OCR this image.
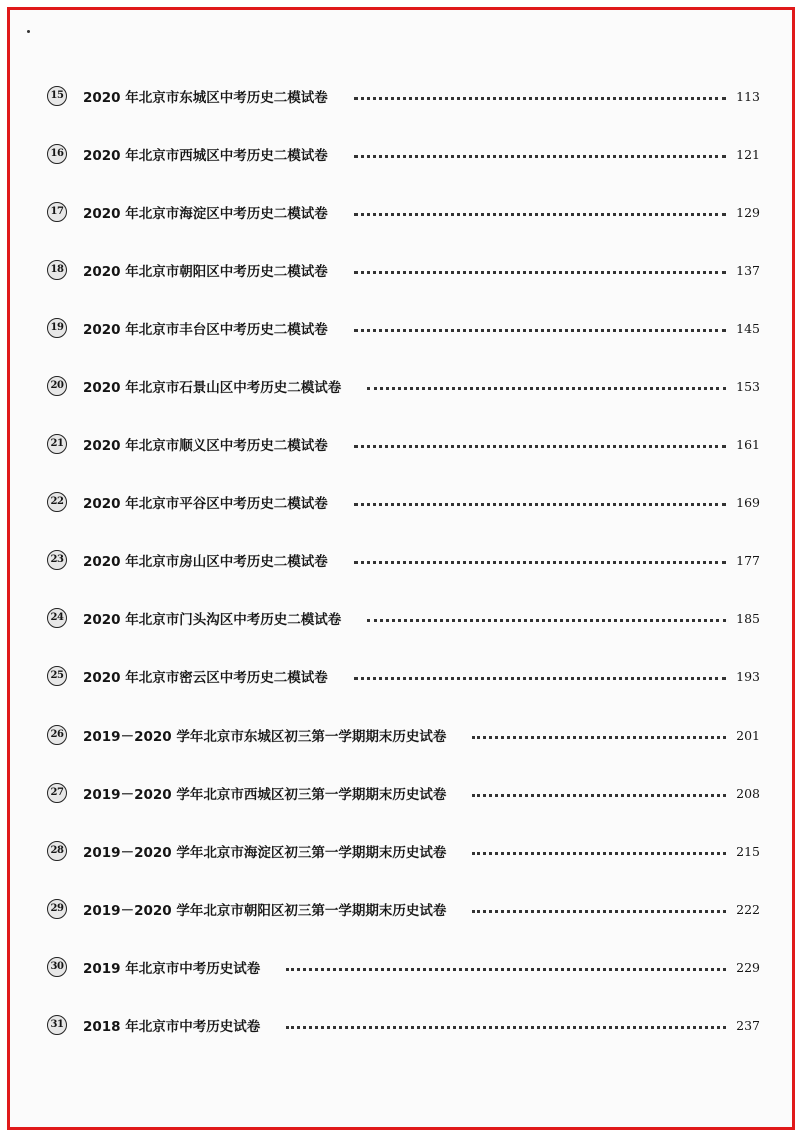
15 2020 年北京市东城区中考历史二模试卷	113
16 2020 年北京市西城区中考历史二模试卷	121
17 2020 年北京市海淀区中考历史二模试卷	129
18 2020 年北京市朝阳区中考历史二模试卷	137
19 2020 年北京市丰台区中考历史二模试卷	145
20 2020 年北京市石景山区中考历史二模试卷	153
21 2020 年北京市顺义区中考历史二模试卷	161
22 2020 年北京市平谷区中考历史二模试卷	169
23 2020 年北京市房山区中考历史二模试卷	177
24 2020 年北京市门头沟区中考历史二模试卷	185
25 2020 年北京市密云区中考历史二模试卷	193
26 2019－2020 学年北京市东城区初三第一学期期末历史试卷	201
27 2019－2020 学年北京市西城区初三第一学期期末历史试卷	208
28 2019－2020 学年北京市海淀区初三第一学期期末历史试卷	215
29 2019－2020 学年北京市朝阳区初三第一学期期末历史试卷	222
30 2019 年北京市中考历史试卷	229
31 2018 年北京市中考历史试卷	237
